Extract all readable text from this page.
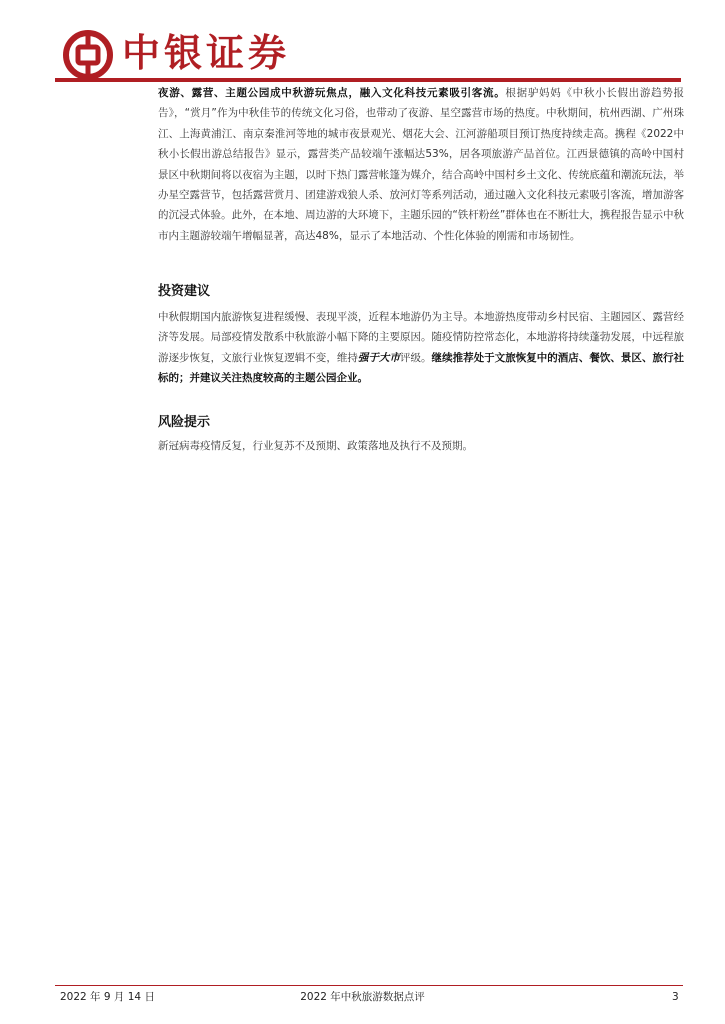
中银证券
夜游、露营、主题公园成中秋游玩焦点，融入文化科技元素吸引客流。根据驴妈妈《中秋小长假出游趋势报告》，“赏月”作为中秋佳节的传统文化习俗，也带动了夜游、星空露营市场的热度。中秋期间，杭州西湖、广州珠江、上海黄浦江、南京秦淮河等地的城市夜景观光、烟花大会、江河游船项目预订热度持续走高。携程《2022中秋小长假出游总结报告》显示，露营类产品较端午涨幅达53%，居各项旅游产品首位。江西景德镇的高岭中国村景区中秋期间将以夜宿为主题，以时下热门露营帐篷为媒介，结合高岭中国村乡土文化、传统底蕴和潮流玩法，举办星空露营节，包括露营赏月、团建游戏狼人杀、放河灯等系列活动，通过融入文化科技元素吸引客流，增加游客的沉浸式体验。此外，在本地、周边游的大环境下，主题乐园的“铁杆粉丝”群体也在不断壮大，携程报告显示中秋市内主题游较端午增幅显著，高达48%，显示了本地活动、个性化体验的刚需和市场韧性。
投资建议
中秋假期国内旅游恢复进程缓慢、表现平淡，近程本地游仍为主导。本地游热度带动乡村民宿、主题园区、露营经济等发展。局部疫情发散系中秋旅游小幅下降的主要原因。随疫情防控常态化，本地游将持续蓬勃发展，中远程旅游逐步恢复，文旅行业恢复逻辑不变，维持强于大市评级。继续推荐处于文旅恢复中的酒店、餐饮、景区、旅行社标的；并建议关注热度较高的主题公园企业。
风险提示
新冠病毒疫情反复，行业复苏不及预期、政策落地及执行不及预期。
2022 年 9 月 14 日	2022 年中秋旅游数据点评	3
